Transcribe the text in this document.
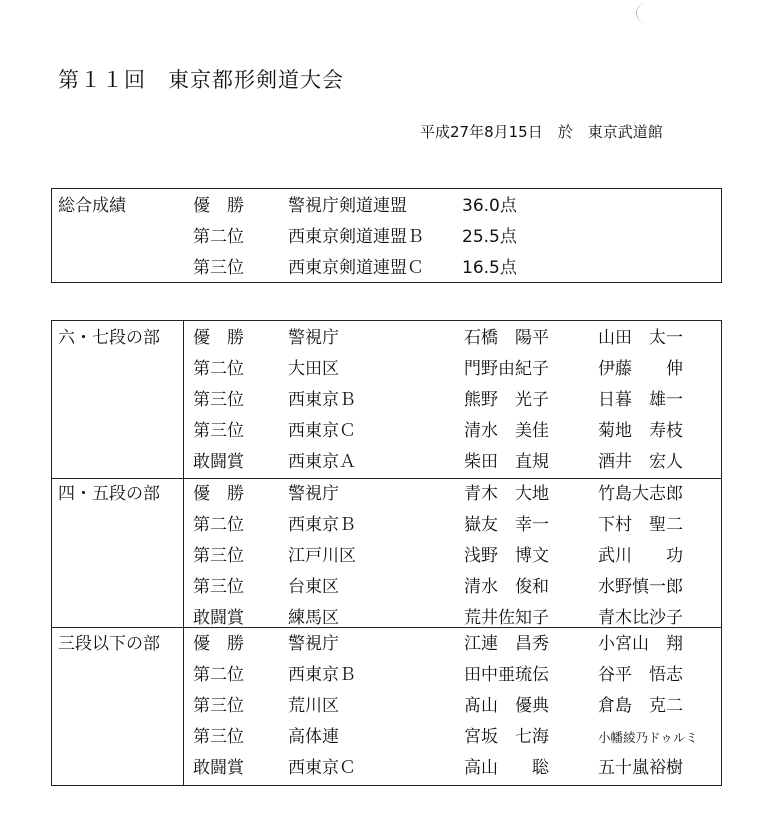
第１１回　東京都形剣道大会
平成27年8月15日　於　東京武道館
総合成績	優　勝	警視庁剣道連盟	36.0点
第二位	西東京剣道連盟Ｂ 25.5点
第三位	西東京剣道連盟Ｃ 16.5点
六・七段の部 優　勝	警視庁	石橋　陽平	山田　太一
第二位	大田区	門野由紀子	伊藤　　伸
第三位	西東京Ｂ	熊野　光子	日暮　雄一
第三位	西東京Ｃ	清水　美佳	菊地　寿枝
敢闘賞	西東京Ａ	柴田　直規	酒井　宏人
四・五段の部 優　勝	警視庁	青木　大地	竹島大志郎
第二位	西東京Ｂ	嶽友　幸一	下村　聖二
第三位	江戸川区	浅野　博文	武川　　功
第三位	台東区	清水　俊和	水野慎一郎
敢闘賞	練馬区	荒井佐知子	青木比沙子
三段以下の部 優　勝	警視庁	江連　昌秀	小宮山　翔
第二位	西東京Ｂ	田中亜琉伝	谷平　悟志
第三位	荒川区	髙山　優典	倉島　克二
第三位	高体連	宮坂　七海	小幡綾乃ドゥルミ
敢闘賞	西東京Ｃ	高山　　聡	五十嵐裕樹
